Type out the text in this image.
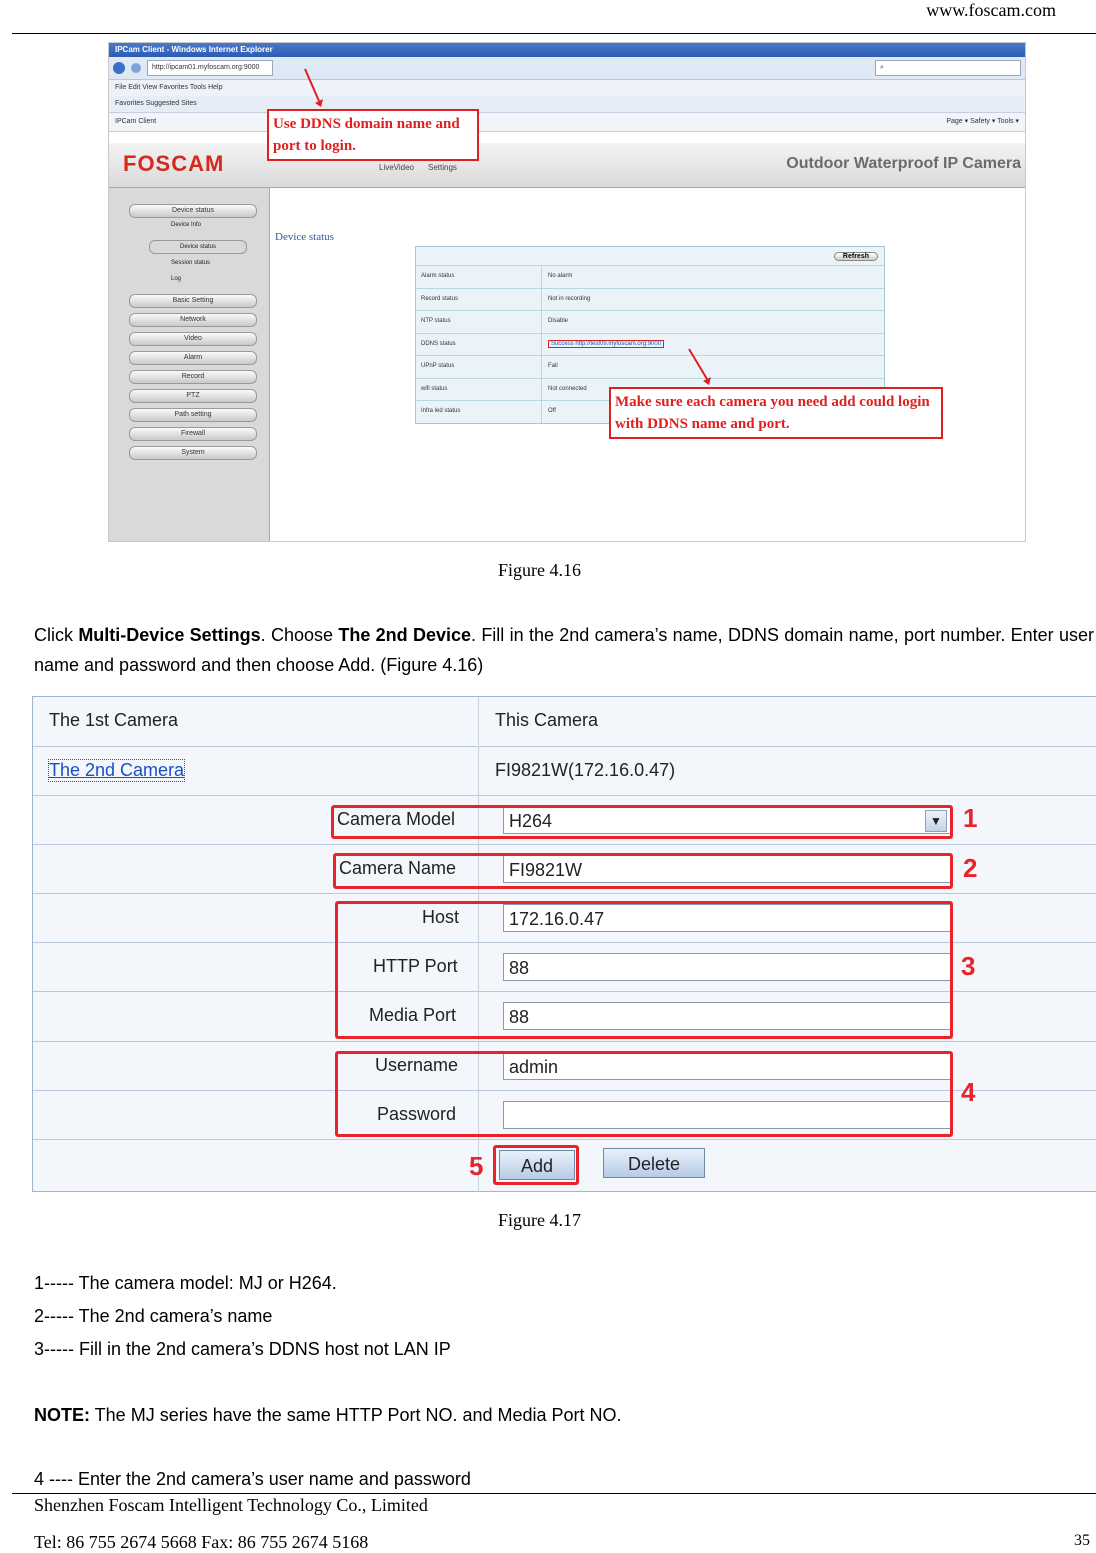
www.foscam.com
IPCam Client - Windows Internet Explorer
http://ipcam01.myfoscam.org:9000	⌕
File Edit View Favorites Tools Help
Favorites Suggested Sites
IPCam Client	Page ▾ Safety ▾ Tools ▾
FOSCAM	LiveVideo Settings	Outdoor Waterproof IP Camera
Device status
Device Info
Device status
Session status
Log
Basic Setting
Network
Video
Alarm
Record
PTZ
Path setting
Firewall
System
Device status
Refresh
Alarm status	No alarm
Record status	Not in recording
NTP status	Disable
DDNS status	Success http://test09.myfoscam.org:9000
UPnP status	Fail
wifi status	Not connected
Infra led status	Off
Use DDNS domain name and port to login.
Make sure each camera you need add could login with DDNS name and port.
Figure 4.16
Click Multi-Device Settings. Choose The 2nd Device. Fill in the 2nd camera’s name, DDNS domain name, port number. Enter user name and password and then choose Add. (Figure 4.16)
The 1st Camera	This Camera
The 2nd Camera	FI9821W(172.16.0.47)
Camera Model	H264	▼
Camera Name	FI9821W
Host	172.16.0.47
HTTP Port	88
Media Port	88
Username	admin
Password
Add	Delete
1
2
3
4
5
Figure 4.17
1----- The camera model: MJ or H264.
2----- The 2nd camera’s name
3----- Fill in the 2nd camera’s DDNS host not LAN IP
NOTE: The MJ series have the same HTTP Port NO. and Media Port NO.
4 ---- Enter the 2nd camera’s user name and password
Shenzhen Foscam Intelligent Technology Co., Limited
Tel: 86 755 2674 5668 Fax: 86 755 2674 5168	35
